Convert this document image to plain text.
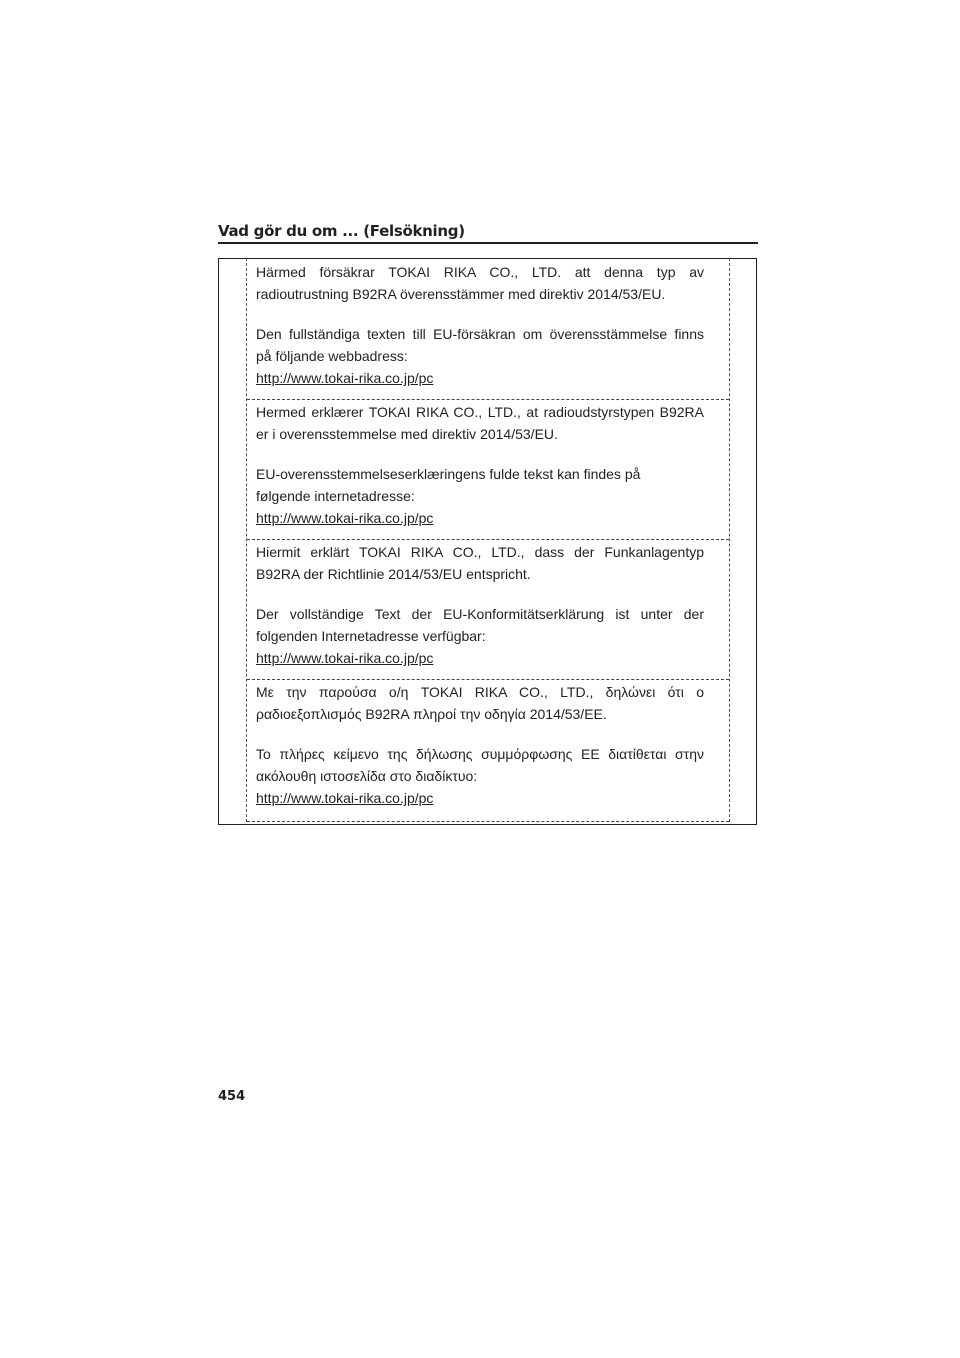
Vad gör du om ... (Felsökning)

Härmed försäkrar TOKAI RIKA CO., LTD. att denna typ av

radioutrustning B92RA överensstämmer med direktiv 2014/53/EU.

Den fullständiga texten till EU-försäkran om överensstämmelse finns

på följande webbadress:

http://www.tokai-rika.co.jp/pc

Hermed erklærer TOKAI RIKA CO., LTD., at radioudstyrstypen B92RA

er i overensstemmelse med direktiv 2014/53/EU.

EU-overensstemmelseserklæringens fulde tekst kan findes på

følgende internetadresse:

http://www.tokai-rika.co.jp/pc

Hiermit erklärt TOKAI RIKA CO., LTD., dass der Funkanlagentyp

B92RA der Richtlinie 2014/53/EU entspricht.

Der vollständige Text der EU-Konformitätserklärung ist unter der

folgenden Internetadresse verfügbar:

http://www.tokai-rika.co.jp/pc

Με την παρούσα ο/η TOKAI RIKA CO., LTD., δηλώνει ότι ο

ραδιοεξοπλισμός B92RA πληροί την οδηγία 2014/53/ΕΕ.

Το πλήρες κείμενο της δήλωσης συμμόρφωσης ΕΕ διατίθεται στην

ακόλουθη ιστοσελίδα στο διαδίκτυο:

http://www.tokai-rika.co.jp/pc

454
